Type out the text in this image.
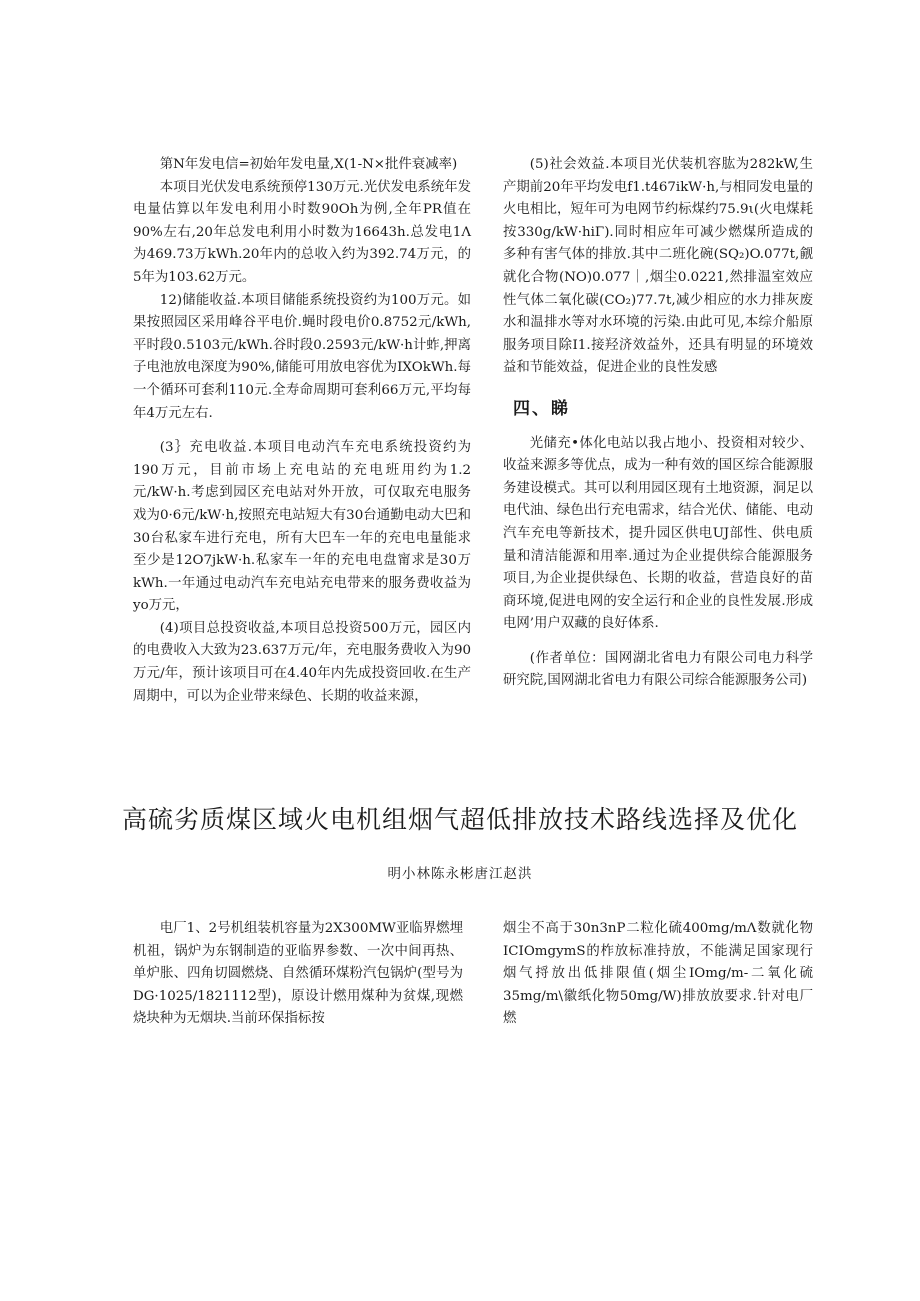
第N年发电信=初始年发电量,X(1-N×批件衰减率)

本项目光伏发电系统预停130万元.光伏发电系统年发电量估算以年发电利用小时数90Oh为例,全年PR值在90%左右,20年总发电利用小时数为16643h.总发电1Λ为469.73万kWh.20年内的总收入约为392.74万元，的5年为103.62万元。

12)储能收益.本项目储能系统投资约为100万元。如果按照园区采用峰谷平电价.蝇时段电价0.8752元/kWh,平时段0.5103元/kWh.谷时段0.2593元/kW·h计蚱,押离子电池放电深度为90%,储能可用放电容优为IXOkWh.每一个循环可套利110元.全寿命周期可套利66万元,平均每年4万元左右.

(3｝充电收益.本项目电动汽车充电系统投资约为190万元，目前市场上充电站的充电班用约为1.2元/kW·h.考虑到园区充电站对外开放，可仅取充电服务戏为0·6元/kW·h,按照充电站短大有30台通勤电动大巴和30台私家车进行充电，所有大巴车一年的充电电量能求至少是12O7jkW·h.私家车一年的充电电盘甯求是30万kWh.一年通过电动汽车充电站充电带来的服务费收益为yo万元，

(4)项目总投资收益,本项目总投资500万元，园区内的电费收入大致为23.637万元/年，充电服务费收入为90万元/年，预计该项目可在4.40年内先成投资回收.在生产周期中，可以为企业带来绿色、长期的收益来源，

(5)社会效益.本项目光伏装机容肱为282kW,生产期前20年平均发电f1.t467ikW·h,与相同发电量的火电相比，短年可为电网节约标煤约75.9ι(火电煤耗按330g/kW·hiΓ).同时相应年可减少燃煤所造成的多种有害气体的排放.其中二班化碗(SQ₂)O.077t,觎就化合物(NO)0.077｜,烟尘0.0221,然排温室效应性气体二氧化碳(CO₂)77.7t,减少相应的水力排灰废水和温排水等对水环境的污染.由此可见,本综介船原服务项目除I1.接羟济效益外，还具有明显的环境效益和节能效益，促进企业的良性发感

四、睇

光储充•体化电站以我占地小、投资相对较少、收益来源多等优点，成为一种有效的国区综合能源服务建设模式。其可以利用园区现有土地资源，洞足以电代油、绿色出行充电需求，结合光伏、储能、电动汽车充电等新技术，提升园区供电UJ部性、供电质量和清洁能源和用率.通过为企业提供综合能源服务项目,为企业提供绿色、长期的收益，营造良好的苗商环境,促进电网的安全运行和企业的良性发展.形成电网’用户双藏的良好体系.

(作者单位：国网湖北省电力有限公司电力科学研究院,国网湖北省电力有限公司综合能源服务公司)

高硫劣质煤区域火电机组烟气超低排放技术路线选择及优化
明小林陈永彬唐江赵洪

电厂1、2号机组装机容量为2X300MW亚临界燃埋机祖，锅炉为东钢制造的亚临界参数、一次中间再热、单炉胀、四角切圆燃烧、自然循环煤粉汽包锅炉(型号为DG·1025/1821112型)，原设计燃用煤种为贫煤,现燃烧块种为无烟块.当前环保指标按

烟尘不高于30n3nP二粒化硫400mg/mΛ数就化物ICIOmgymS的柞放标准持放，不能满足国家现行烟气捋放出低排限值(烟尘IOmg/m-二氧化硫35mg/m\徽纸化物50mg/W)排放放要求.针对电厂燃
